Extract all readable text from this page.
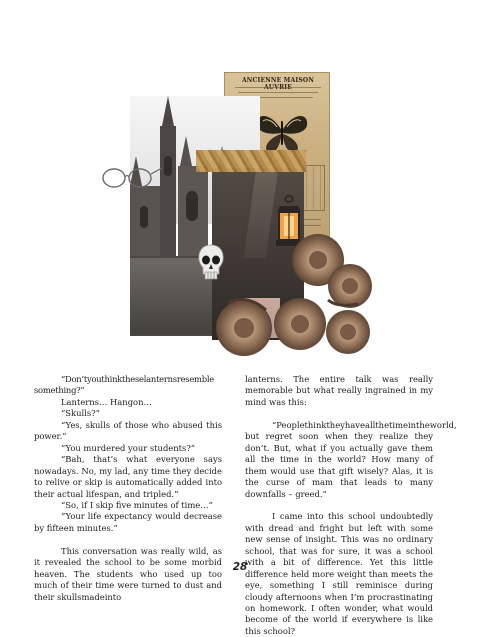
ANCIENNE MAISON

“Don’tyouthinktheselanternsresemble something?”

Lanterns… Hangon…

“Skulls?”

“Yes, skulls of those who abused this power.”

“You murdered your students?”

“Bah, that’s what everyone says nowadays. No, my lad, any time they decide to relive or skip is automatically added into their actual lifespan, and tripled.”

“So, if I skip five minutes of time…”

“Your life expectancy would decrease by fifteen minutes.”

This conversation was really wild, as it revealed the school to be some morbid heaven. The students who used up too much of their time were turned to dust and their skullsmadeinto

lanterns. The entire talk was really memorable but what really ingrained in my mind was this:

“Peoplethinktheyhaveallthetimeintheworld, but regret soon when they realize they don’t. But, what if you actually gave them all the time in the world? How many of them would use that gift wisely? Alas, it is the curse of mam that leads to many downfalls – greed.”

I came into this school undoubtedly with dread and fright but left with some new sense of insight. This was no ordinary school, that was for sure, it was a school with a bit of difference. Yet this little difference held more weight than meets the eye, something I still reminisce during cloudy afternoons when I’m procrastinating on homework. I often wonder, what would become of the world if everywhere is like this school?

28
